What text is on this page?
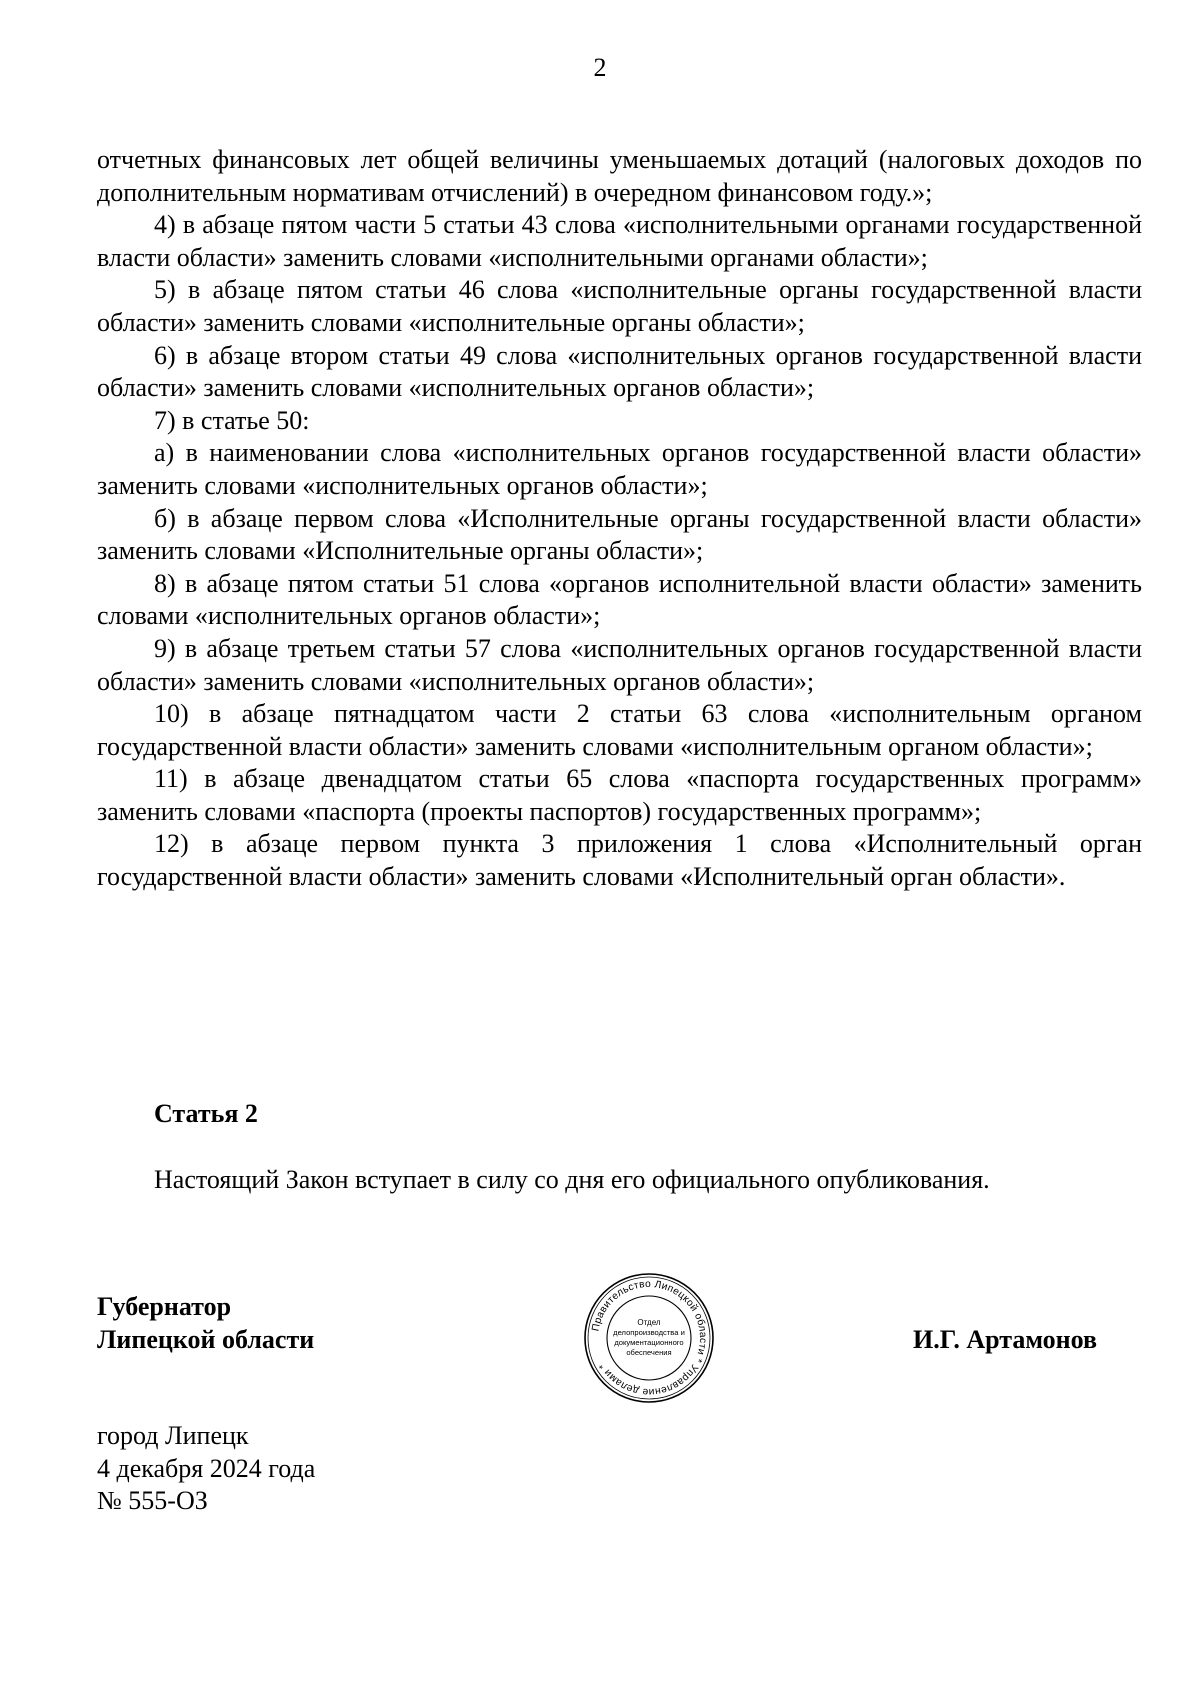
2

отчетных финансовых лет общей величины уменьшаемых дотаций (налоговых доходов по дополнительным нормативам отчислений) в очередном финансовом году.»;

4) в абзаце пятом части 5 статьи 43 слова «исполнительными органами государственной власти области» заменить словами «исполнительными органами области»;

5) в абзаце пятом статьи 46 слова «исполнительные органы государственной власти области» заменить словами «исполнительные органы области»;

6) в абзаце втором статьи 49 слова «исполнительных органов государственной власти области» заменить словами «исполнительных органов области»;

7) в статье 50:

а) в наименовании слова «исполнительных органов государственной власти области» заменить словами «исполнительных органов области»;

б) в абзаце первом слова «Исполнительные органы государственной власти области» заменить словами «Исполнительные органы области»;

8) в абзаце пятом статьи 51 слова «органов исполнительной власти области» заменить словами «исполнительных органов области»;

9) в абзаце третьем статьи 57 слова «исполнительных органов государственной власти области» заменить словами «исполнительных органов области»;

10) в абзаце пятнадцатом части 2 статьи 63 слова «исполнительным органом государственной власти области» заменить словами «исполнительным органом области»;

11) в абзаце двенадцатом статьи 65 слова «паспорта государственных программ» заменить словами «паспорта (проекты паспортов) государственных программ»;

12) в абзаце первом пункта 3 приложения 1 слова «Исполнительный орган государственной власти области» заменить словами «Исполнительный орган области».

Статья 2
Настоящий Закон вступает в силу со дня его официального опубликования.
Губернатор
Липецкой области	Правительство Липецкой области * Управление делами *
Отдел
делопроизводства и
документационного
обеспечения	И.Г. Артамонов
город Липецк
4 декабря 2024 года
№ 555-ОЗ
